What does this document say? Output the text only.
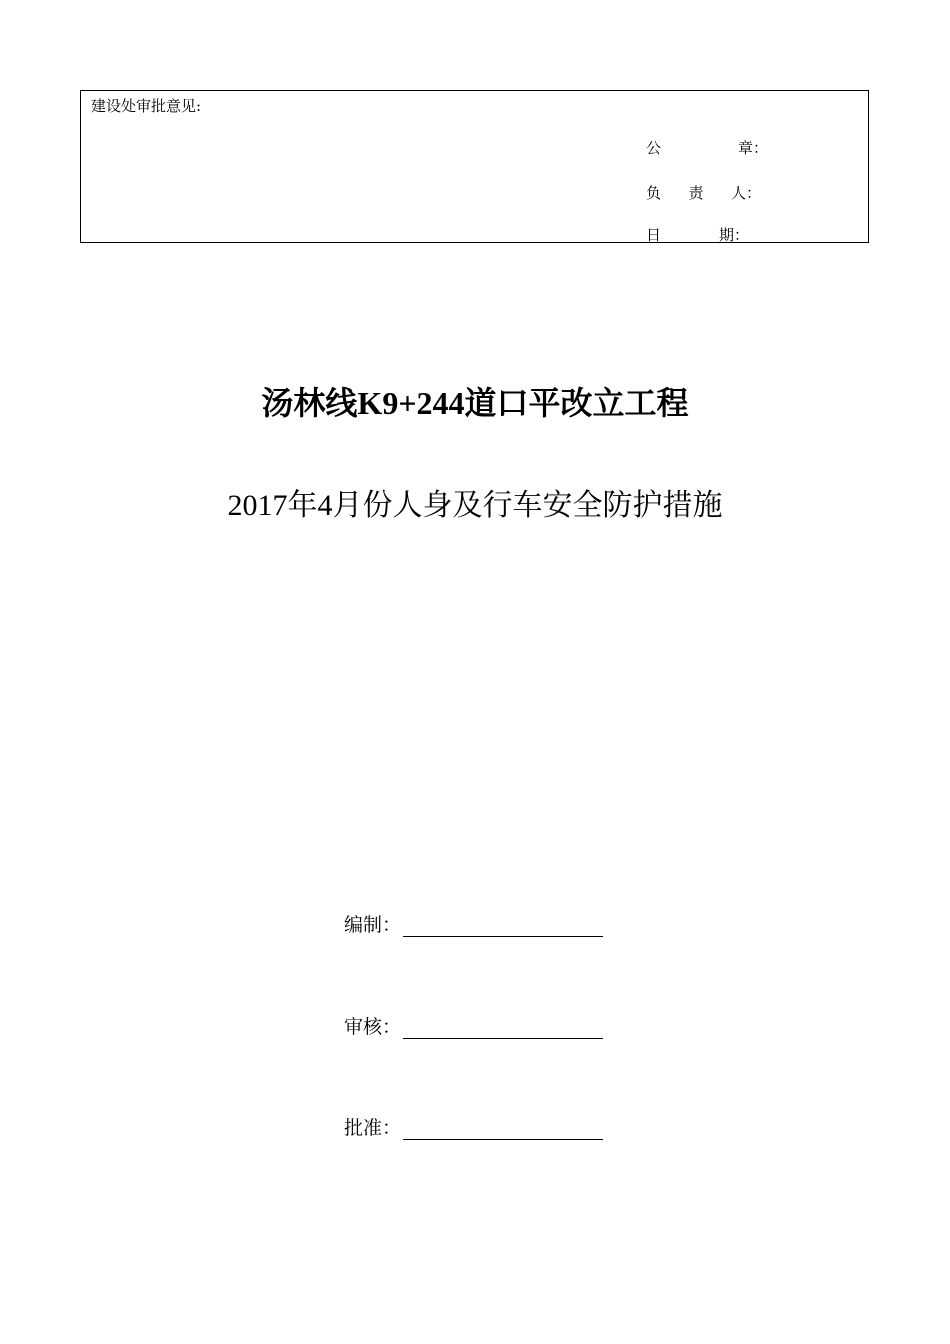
建设处审批意见:
公	章：
负 责 人：
日	期：
汤林线K9+244道口平改立工程
2017年4月份人身及行车安全防护措施
编制：
审核：
批准：
